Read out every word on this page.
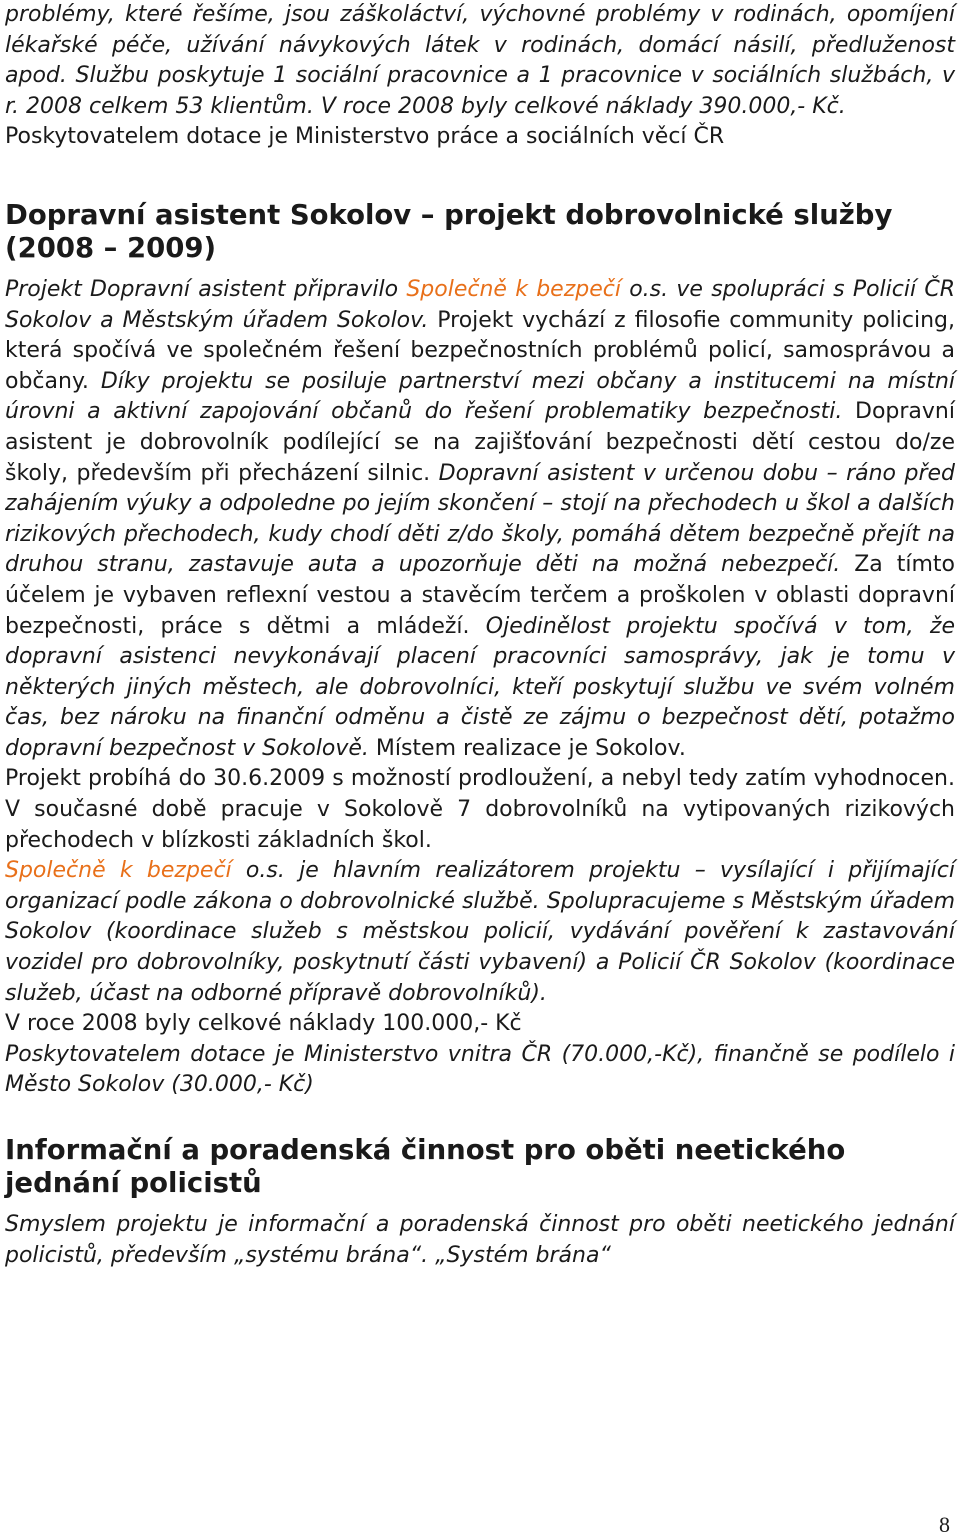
problémy, které řešíme, jsou záškoláctví, výchovné problémy v rodinách, opomíjení lékařské péče, užívání návykových látek v rodinách, domácí násilí, předluženost apod. Službu poskytuje 1 sociální pracovnice a 1 pracovnice v sociálních službách, v r. 2008 celkem 53 klientům. V roce 2008 byly celkové náklady 390.000,- Kč.

Poskytovatelem dotace je Ministerstvo práce a sociálních věcí ČR

Dopravní asistent Sokolov – projekt dobrovolnické služby (2008 – 2009)

Projekt Dopravní asistent připravilo Společně k bezpečí o.s. ve spolupráci s Policií ČR Sokolov a Městským úřadem Sokolov. Projekt vychází z filosofie community policing, která spočívá ve společném řešení bezpečnostních problémů policí, samosprávou a občany. Díky projektu se posiluje partnerství mezi občany a institucemi na místní úrovni a aktivní zapojování občanů do řešení problematiky bezpečnosti. Dopravní asistent je dobrovolník podílející se na zajišťování bezpečnosti dětí cestou do/ze školy, především při přecházení silnic. Dopravní asistent v určenou dobu – ráno před zahájením výuky a odpoledne po jejím skončení – stojí na přechodech u škol a dalších rizikových přechodech, kudy chodí děti z/do školy, pomáhá dětem bezpečně přejít na druhou stranu, zastavuje auta a upozorňuje děti na možná nebezpečí. Za tímto účelem je vybaven reflexní vestou a stavěcím terčem a proškolen v oblasti dopravní bezpečnosti, práce s dětmi a mládeží. Ojedinělost projektu spočívá v tom, že dopravní asistenci nevykonávají placení pracovníci samosprávy, jak je tomu v některých jiných městech, ale dobrovolníci, kteří poskytují službu ve svém volném čas, bez nároku na finanční odměnu a čistě ze zájmu o bezpečnost dětí, potažmo dopravní bezpečnost v Sokolově. Místem realizace je Sokolov.

Projekt probíhá do 30.6.2009 s možností prodloužení, a nebyl tedy zatím vyhodnocen. V současné době pracuje v Sokolově 7 dobrovolníků na vytipovaných rizikových přechodech v blízkosti základních škol.

Společně k bezpečí o.s. je hlavním realizátorem projektu – vysílající i přijímající organizací podle zákona o dobrovolnické službě. Spolupracujeme s Městským úřadem Sokolov (koordinace služeb s městskou policií, vydávání pověření k zastavování vozidel pro dobrovolníky, poskytnutí části vybavení) a Policií ČR Sokolov (koordinace služeb, účast na odborné přípravě dobrovolníků).

V roce 2008 byly celkové náklady 100.000,- Kč

Poskytovatelem dotace je Ministerstvo vnitra ČR (70.000,-Kč), finančně se podílelo i Město Sokolov (30.000,- Kč)

Informační a poradenská činnost pro oběti neetického jednání policistů

Smyslem projektu je informační a poradenská činnost pro oběti neetického jednání policistů, především „systému brána“. „Systém brána“

8
